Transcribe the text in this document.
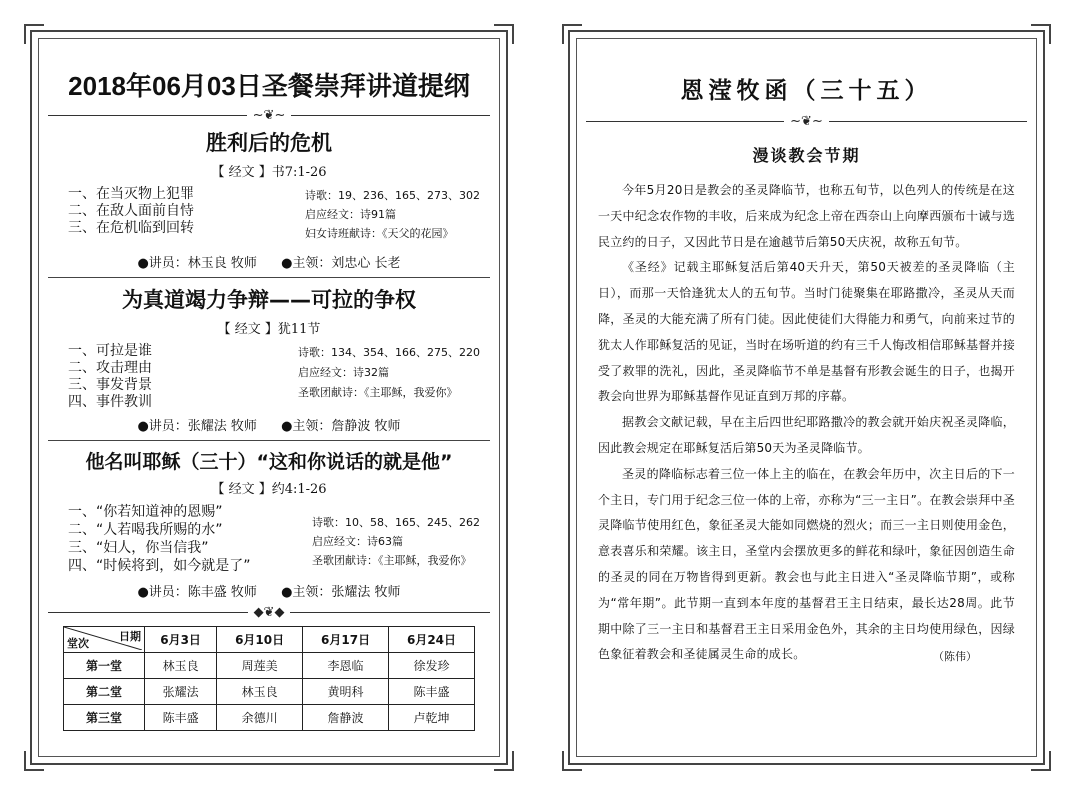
2018年06月03日圣餐崇拜讲道提纲
~❦~
胜利后的危机
【 经文 】书7:1-26
一、在当灭物上犯罪
二、在敌人面前自恃
三、在危机临到回转
诗歌：19、236、165、273、302
启应经文：诗91篇
妇女诗班献诗：《天父的花园》
●讲员：林玉良 牧师 ●主领：刘忠心 长老
为真道竭力争辩——可拉的争权
【 经文 】犹11节
一、可拉是谁
二、攻击理由
三、事发背景
四、事件教训
诗歌：134、354、166、275、220
启应经文：诗32篇
圣歌团献诗：《主耶稣，我爱你》
●讲员：张耀法 牧师 ●主领：詹静波 牧师
他名叫耶稣（三十）“这和你说话的就是他”
【 经文 】约4:1-26
一、“你若知道神的恩赐”
二、“人若喝我所赐的水”
三、“妇人，你当信我”
四、“时候将到，如今就是了”
诗歌：10、58、165、245、262
启应经文：诗63篇
圣歌团献诗：《主耶稣，我爱你》
●讲员：陈丰盛 牧师 ●主领：张耀法 牧师
◆❦◆
日期
堂次	6月3日	6月10日	6月17日	6月24日
第一堂	林玉良	周莲美	李恩临	徐发珍
第二堂	张耀法	林玉良	黄明科	陈丰盛
第三堂	陈丰盛	余德川	詹静波	卢乾坤
恩滢牧函（三十五）
~❦~
漫谈教会节期

今年5月20日是教会的圣灵降临节，也称五旬节，以色列人的传统是在这一天中纪念农作物的丰收，后来成为纪念上帝在西奈山上向摩西颁布十诫与选民立约的日子，又因此节日是在逾越节后第50天庆祝，故称五旬节。

《圣经》记载主耶稣复活后第40天升天，第50天被差的圣灵降临（主日），而那一天恰逢犹太人的五旬节。当时门徒聚集在耶路撒冷，圣灵从天而降，圣灵的大能充满了所有门徒。因此使徒们大得能力和勇气，向前来过节的犹太人作耶稣复活的见证，当时在场听道的约有三千人悔改相信耶稣基督并接受了救罪的洗礼，因此，圣灵降临节不单是基督有形教会诞生的日子，也揭开教会向世界为耶稣基督作见证直到万邦的序幕。

据教会文献记载，早在主后四世纪耶路撒冷的教会就开始庆祝圣灵降临，因此教会规定在耶稣复活后第50天为圣灵降临节。

圣灵的降临标志着三位一体上主的临在，在教会年历中，次主日后的下一个主日，专门用于纪念三位一体的上帝，亦称为“三一主日”。在教会崇拜中圣灵降临节使用红色，象征圣灵大能如同燃烧的烈火；而三一主日则使用金色，意表喜乐和荣耀。该主日，圣堂内会摆放更多的鲜花和绿叶，象征因创造生命的圣灵的同在万物皆得到更新。教会也与此主日进入“圣灵降临节期”，或称为“常年期”。此节期一直到本年度的基督君王主日结束，最长达28周。此节期中除了三一主日和基督君王主日采用金色外，其余的主日均使用绿色，因绿色象征着教会和圣徒属灵生命的成长。	（陈伟）
